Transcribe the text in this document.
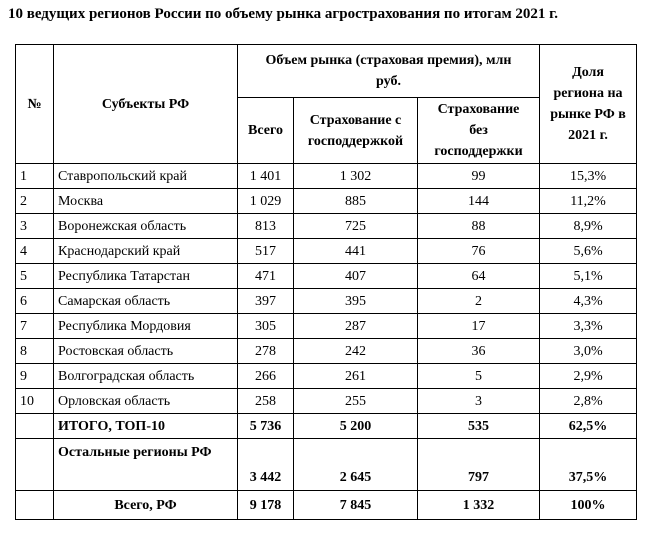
10 ведущих регионов России по объему рынка агрострахования по итогам 2021 г.
№	Субъекты РФ	Объем рынка (страховая премия), млн руб.			Доля региона на рынке РФ в 2021 г.
		Всего	Страхование с господдержкой	Страхование без господдержки	
1	Ставропольский край	1 401	1 302	99	15,3%
2	Москва	1 029	885	144	11,2%
3	Воронежская область	813	725	88	8,9%
4	Краснодарский край	517	441	76	5,6%
5	Республика Татарстан	471	407	64	5,1%
6	Самарская область	397	395	2	4,3%
7	Республика Мордовия	305	287	17	3,3%
8	Ростовская область	278	242	36	3,0%
9	Волгоградская область	266	261	5	2,9%
10	Орловская область	258	255	3	2,8%
	ИТОГО, ТОП-10	5 736	5 200	535	62,5%
	Остальные регионы РФ	3 442	2 645	797	37,5%
	Всего, РФ	9 178	7 845	1 332	100%
